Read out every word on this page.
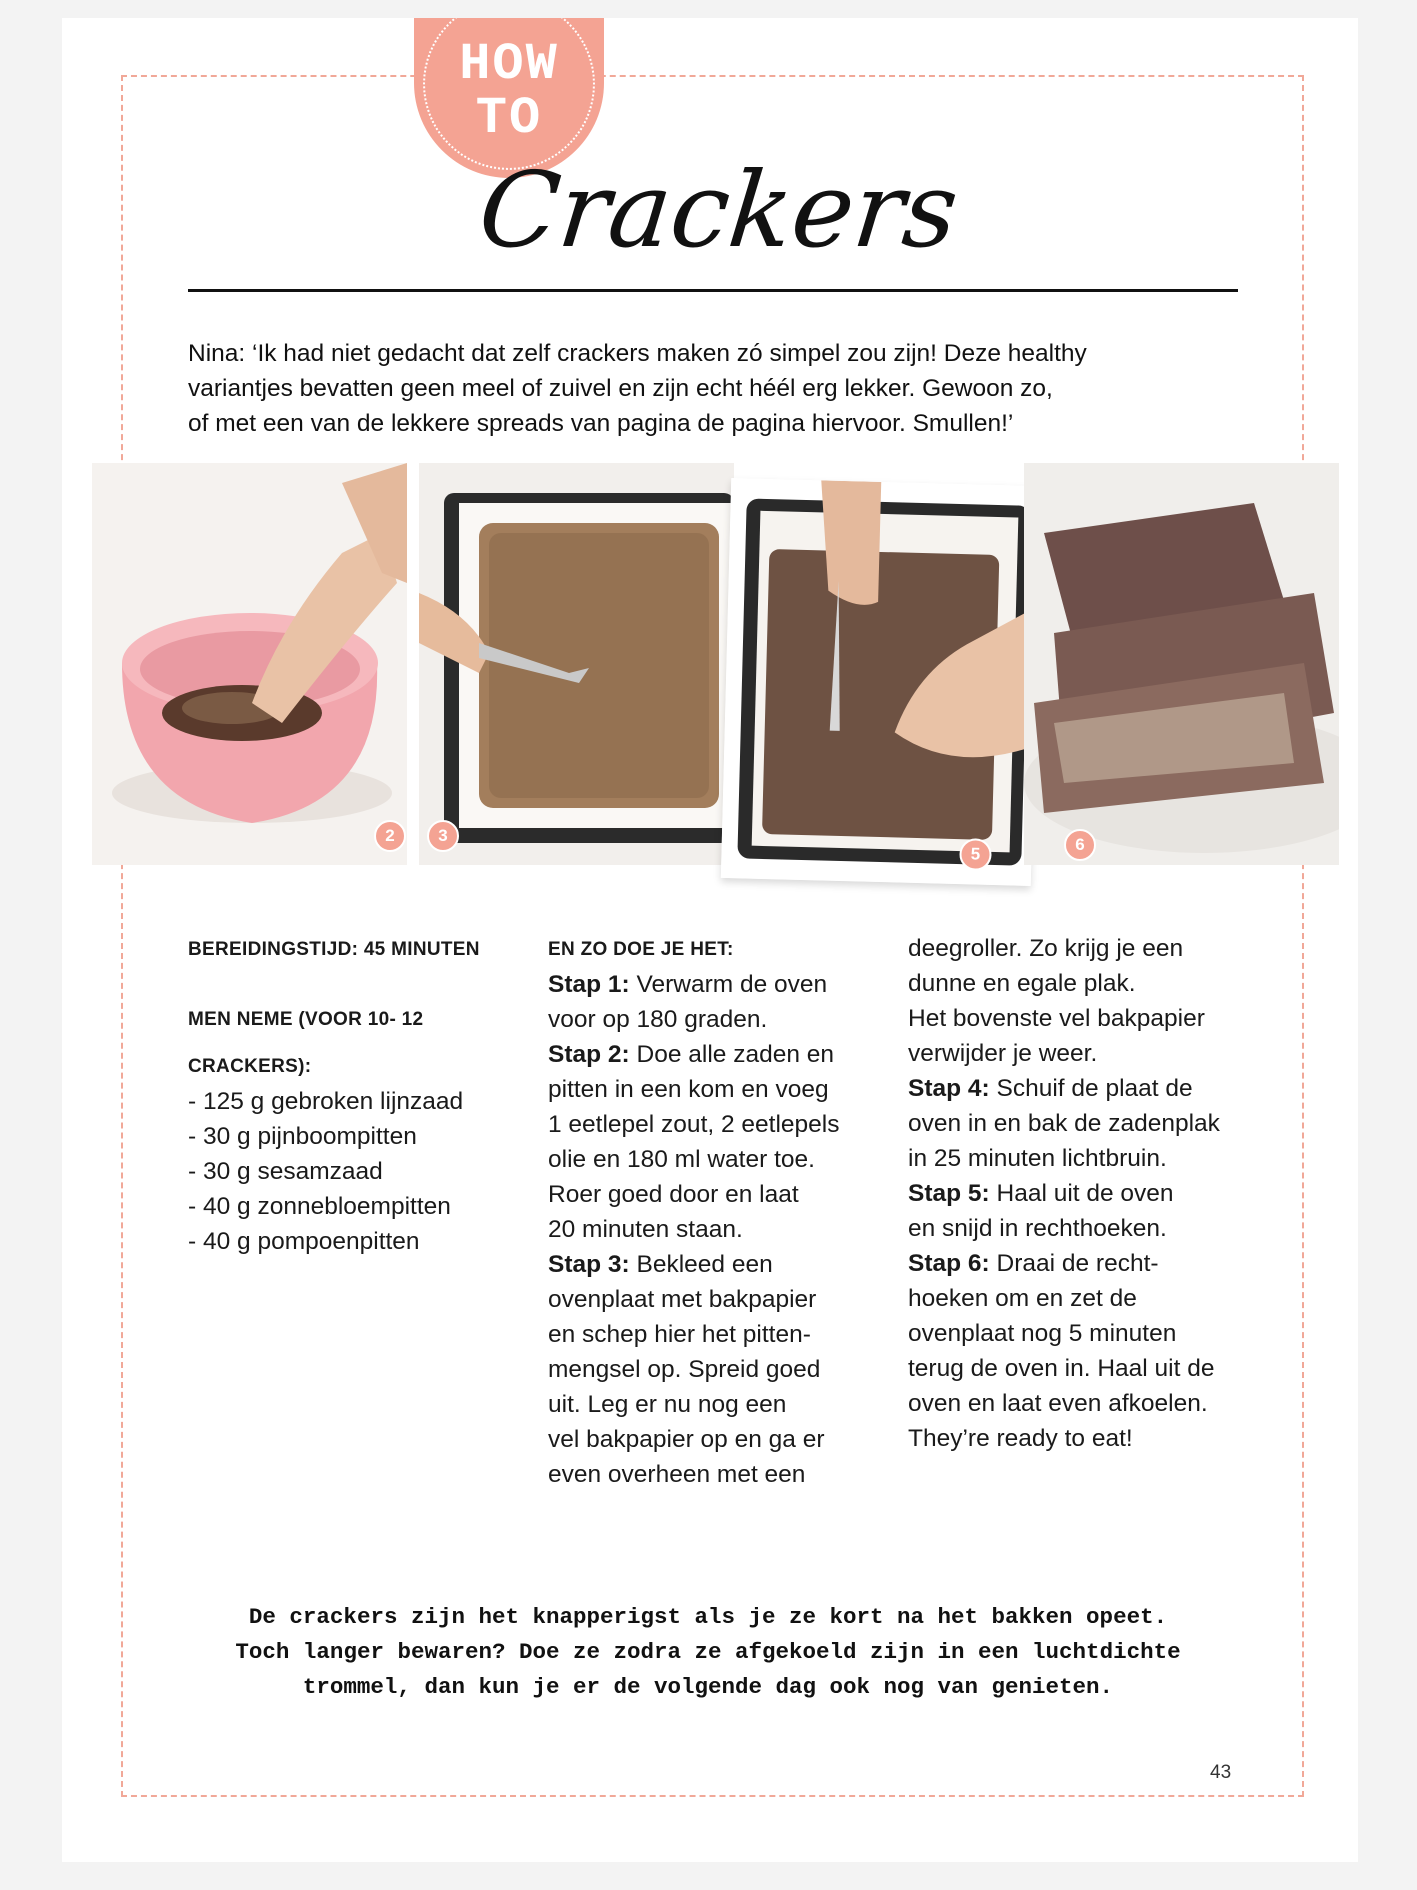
HOW
TO
Crackers
Nina: ‘Ik had niet gedacht dat zelf crackers maken zó simpel zou zijn! Deze healthy
variantjes bevatten geen meel of zuivel en zijn echt héél erg lekker. Gewoon zo,
of met een van de lekkere spreads van pagina de pagina hiervoor. Smullen!’
2	3
5	6
BEREIDINGSTIJD: 45 MINUTEN

MEN NEME (VOOR 10- 12
CRACKERS):
- 125 g gebroken lijnzaad
- 30 g pijnboompitten
- 30 g sesamzaad
- 40 g zonnebloempitten
- 40 g pompoenpitten
EN ZO DOE JE HET:
Stap 1: Verwarm de oven
voor op 180 graden.
Stap 2: Doe alle zaden en
pitten in een kom en voeg
1 eetlepel zout, 2 eetlepels
olie en 180 ml water toe.
Roer goed door en laat
20 minuten staan.
Stap 3: Bekleed een
ovenplaat met bakpapier
en schep hier het pitten-
mengsel op. Spreid goed
uit. Leg er nu nog een
vel bakpapier op en ga er
even overheen met een
deegroller. Zo krijg je een
dunne en egale plak.
Het bovenste vel bakpapier
verwijder je weer.
Stap 4: Schuif de plaat de
oven in en bak de zadenplak
in 25 minuten lichtbruin.
Stap 5: Haal uit de oven
en snijd in rechthoeken.
Stap 6: Draai de recht-
hoeken om en zet de
ovenplaat nog 5 minuten
terug de oven in. Haal uit de
oven en laat even afkoelen.
They’re ready to eat!
De crackers zijn het knapperigst als je ze kort na het bakken opeet.
Toch langer bewaren? Doe ze zodra ze afgekoeld zijn in een luchtdichte
trommel, dan kun je er de volgende dag ook nog van genieten.
43
